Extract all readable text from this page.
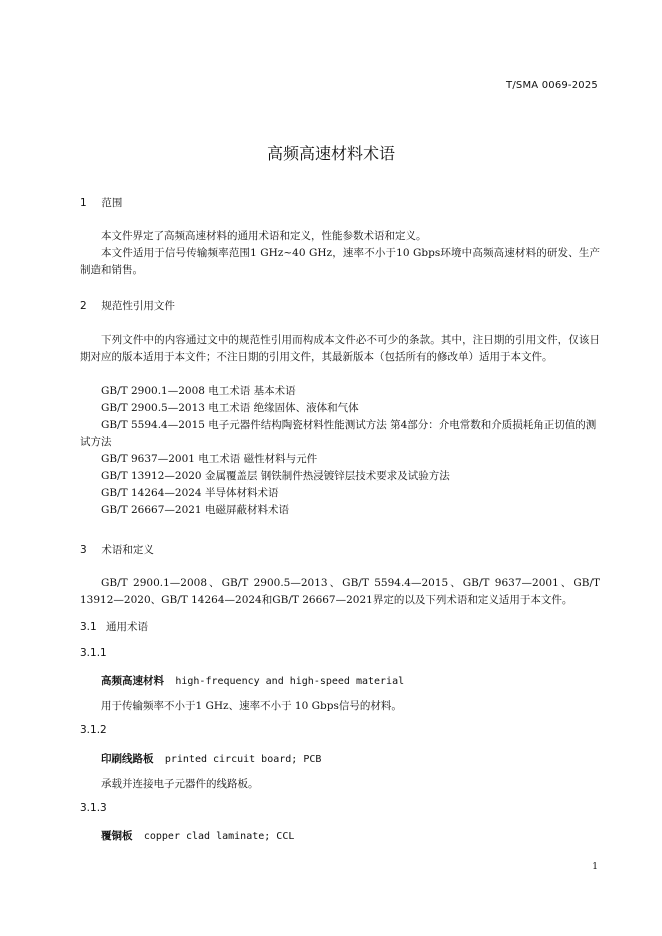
T/SMA 0069-2025
高频高速材料术语
1 范围
本文件界定了高频高速材料的通用术语和定义，性能参数术语和定义。
本文件适用于信号传输频率范围1 GHz~40 GHz，速率不小于10 Gbps环境中高频高速材料的研发、生产制造和销售。
2 规范性引用文件
下列文件中的内容通过文中的规范性引用而构成本文件必不可少的条款。其中，注日期的引用文件，仅该日期对应的版本适用于本文件；不注日期的引用文件，其最新版本（包括所有的修改单）适用于本文件。
GB/T 2900.1—2008 电工术语 基本术语
GB/T 2900.5—2013 电工术语 绝缘固体、液体和气体
GB/T 5594.4—2015 电子元器件结构陶瓷材料性能测试方法 第4部分：介电常数和介质损耗角正切值的测试方法
GB/T 9637—2001 电工术语 磁性材料与元件
GB/T 13912—2020 金属覆盖层 钢铁制件热浸镀锌层技术要求及试验方法
GB/T 14264—2024 半导体材料术语
GB/T 26667—2021 电磁屏蔽材料术语
3 术语和定义
GB/T 2900.1—2008、GB/T 2900.5—2013、GB/T 5594.4—2015、GB/T 9637—2001、GB/T 13912—2020、GB/T 14264—2024和GB/T 26667—2021界定的以及下列术语和定义适用于本文件。
3.1 通用术语
3.1.1
高频高速材料 high-frequency and high-speed material
用于传输频率不小于1 GHz、速率不小于 10 Gbps信号的材料。
3.1.2
印刷线路板 printed circuit board; PCB
承载并连接电子元器件的线路板。
3.1.3
覆铜板 copper clad laminate; CCL
1
